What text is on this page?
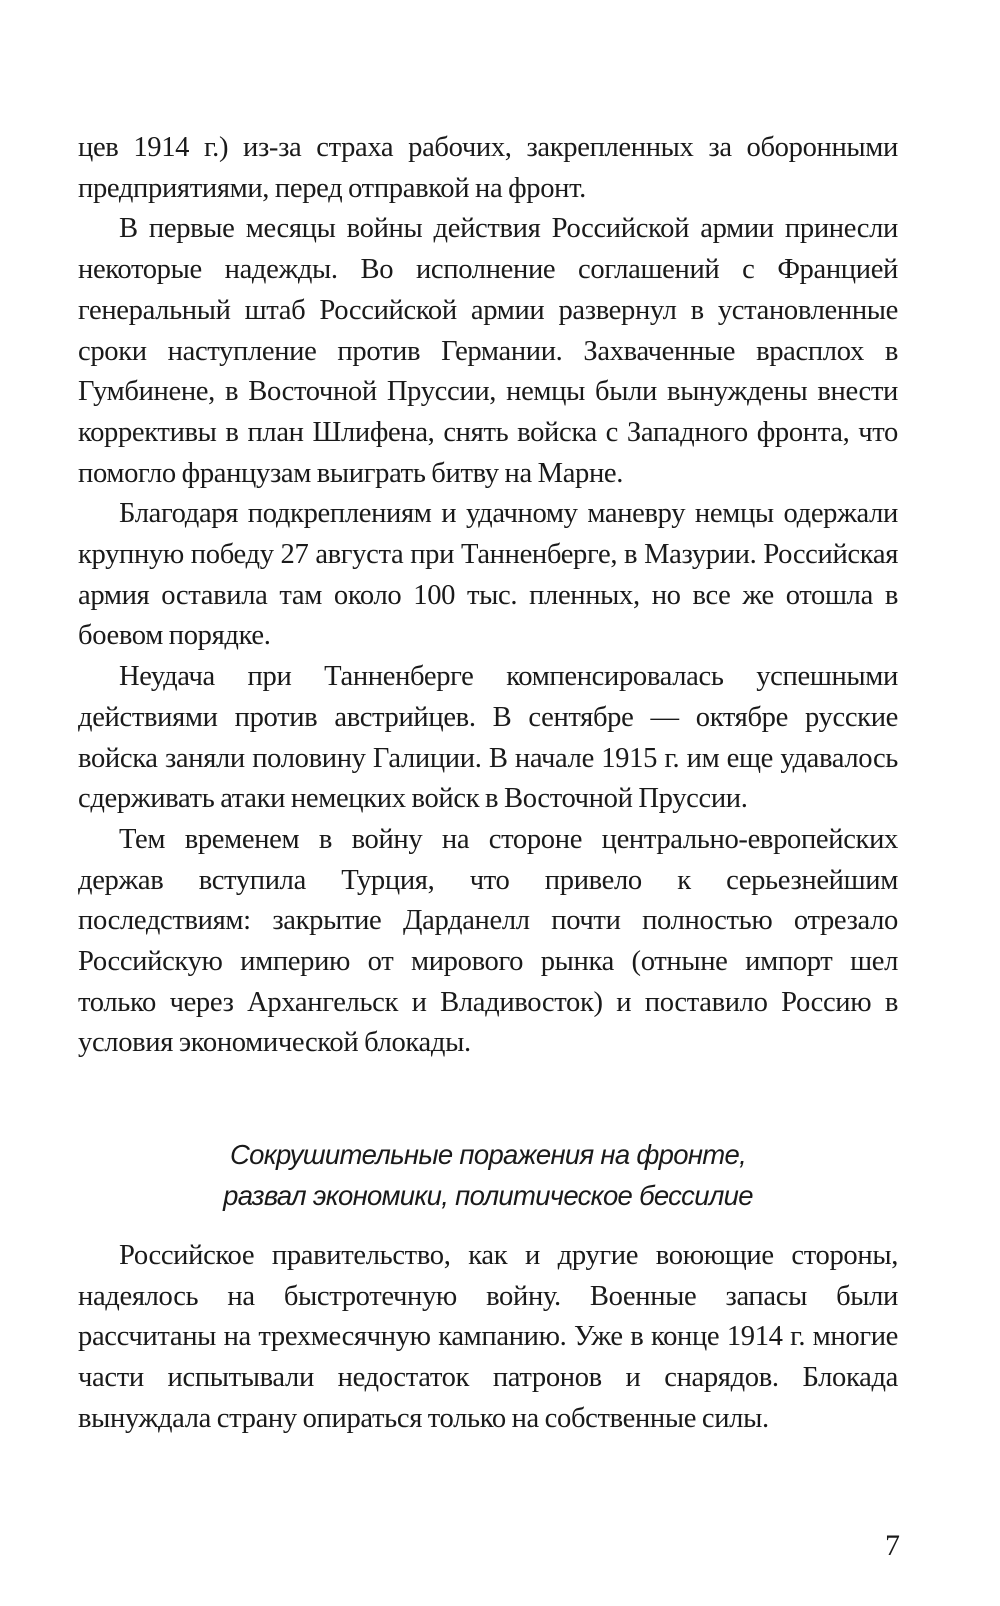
цев 1914 г.) из-за страха рабочих, закрепленных за оборонными предприятиями, перед отправкой на фронт.

В первые месяцы войны действия Российской армии принесли некоторые надежды. Во исполнение соглашений с Францией генеральный штаб Российской армии развернул в установленные сроки наступление против Германии. Захваченные врасплох в Гумбинене, в Восточной Пруссии, немцы были вынуждены внести коррективы в план Шлифена, снять войска с Западного фронта, что помогло французам выиграть битву на Марне.

Благодаря подкреплениям и удачному маневру немцы одержали крупную победу 27 августа при Танненберге, в Мазурии. Российская армия оставила там около 100 тыс. пленных, но все же отошла в боевом порядке.

Неудача при Танненберге компенсировалась успешными действиями против австрийцев. В сентябре — октябре русские войска заняли половину Галиции. В начале 1915 г. им еще удавалось сдерживать атаки немецких войск в Восточной Пруссии.

Тем временем в войну на стороне центрально-европейских держав вступила Турция, что привело к серьезнейшим последствиям: закрытие Дарданелл почти полностью отрезало Российскую империю от мирового рынка (отныне импорт шел только через Архангельск и Владивосток) и поставило Россию в условия экономической блокады.

Сокрушительные поражения на фронте,
развал экономики, политическое бессилие

Российское правительство, как и другие воюющие стороны, надеялось на быстротечную войну. Военные запасы были рассчитаны на трехмесячную кампанию. Уже в конце 1914 г. многие части испытывали недостаток патронов и снарядов. Блокада вынуждала страну опираться только на собственные силы.

7
